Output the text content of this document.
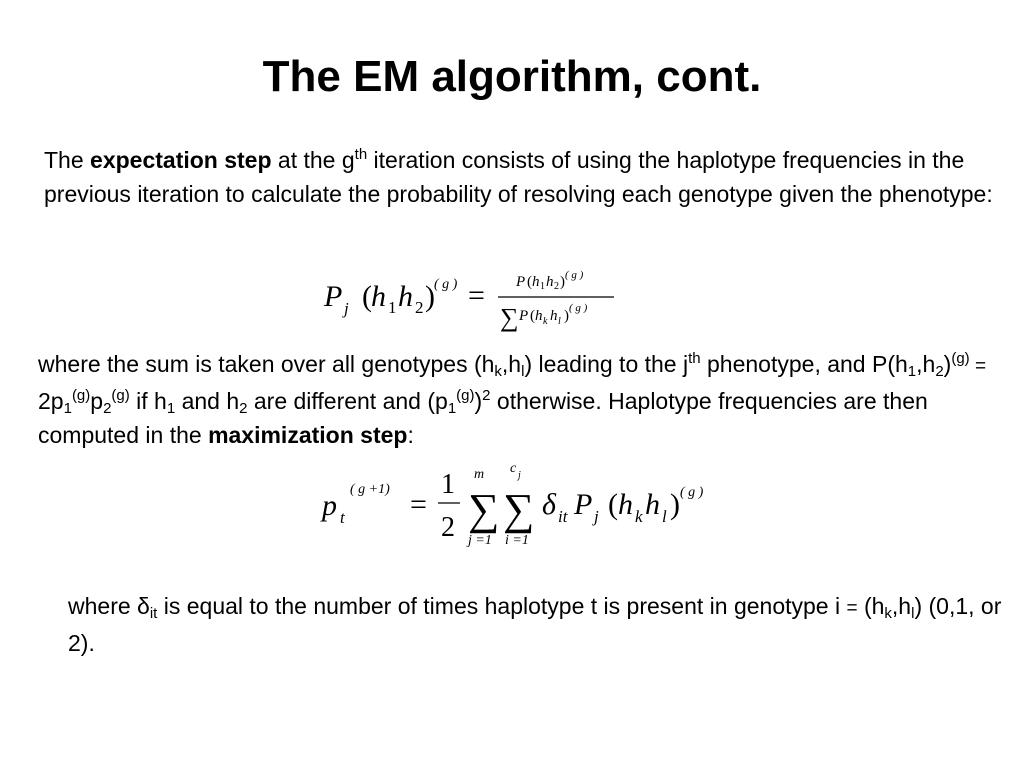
The EM algorithm, cont.
The expectation step at the $g^{th}$ iteration consists of using the haplotype frequencies in the previous iteration to calculate the probability of resolving each genotype given the phenotype:
P j ( h 1 h 2 ) ( g ) = P ( h 1 h 2 ) ( g )
∑ P ( h k h l ) ( g )
where the sum is taken over all genotypes $(h_k,h_l)$ leading to the $j^{th}$ phenotype, and $P(h_1,h_2)^{(g)} = 2p_1^{(g)}p_2^{(g)}$ if $h_1$ and $h_2$ are different and $(p_1^{(g)})^2$ otherwise. Haplotype frequencies are then computed in the maximization step:
p t
( g +1) =
1
2 ∑
m
j =1
∑
c j
i =1
δ it P j ( h k h l ) ( g )
where $\delta_{it}$ is equal to the number of times haplotype t is present in genotype $i = (h_k,h_l)$ (0,1, or 2).
